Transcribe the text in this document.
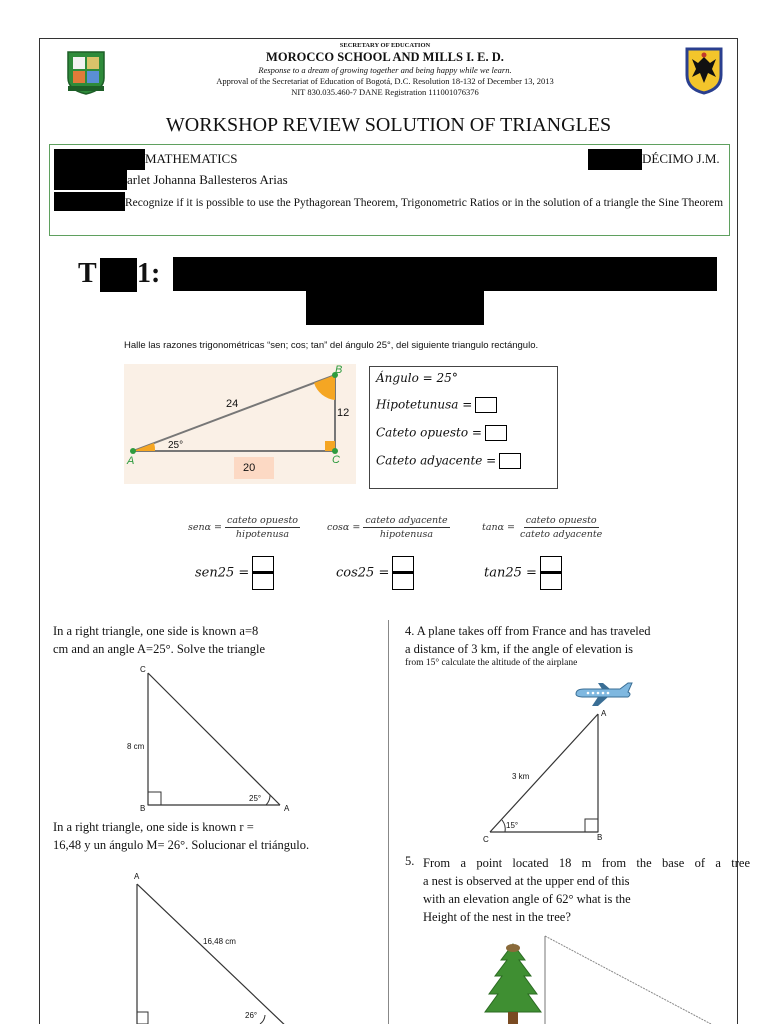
SECRETARY OF EDUCATION
MOROCCO SCHOOL AND MILLS I. E. D.
Response to a dream of growing together and being happy while we learn.
Approval of the Secretariat of Education of Bogotá, D.C. Resolution 18-132 of December 13, 2013
NIT 830.035.460-7 DANE Registration 111001076376
WORKSHOP REVIEW SOLUTION OF TRIANGLES
MATHEMATICS	DÉCIMO J.M.
arlet Johanna Ballesteros Arias
Recognize if it is possible to use the Pythagorean Theorem, Trigonometric Ratios or in the solution of a triangle the Sine Theorem
T 1:
Halle las razones trigonométricas “sen; cos; tan” del ángulo 25°, del siguiente triangulo rectángulo.
A
B
C
24
12
20
25°
Ángulo = 25°
Hipotetunusa =
Cateto opuesto =
Cateto adyacente =
$sen\alpha = \frac{\text{cateto opuesto}}{\text{hipotenusa}}$	$\cos\alpha = \frac{\text{cateto adyacente}}{\text{hipotenusa}}$	$\tan\alpha = \frac{\text{cateto opuesto}}{\text{cateto adyacente}}$
sen25 =	cos25 =	tan25 =
In a right triangle, one side is known a=8
cm and an angle A=25°. Solve the triangle
C
8 cm
B
25°
A
In a right triangle, one side is known r =
16,48 y un ángulo M= 26°. Solucionar el triángulo.
A
16,48 cm
26°
4. A plane takes off from France and has traveled
a distance of 3 km, if the angle of elevation is
from 15° calculate the altitude of the airplane
A
3 km
15°
C	B
5. From a point located 18 m from the base of a tree
a nest is observed at the upper end of this
with an elevation angle of 62° what is the
Height of the nest in the tree?
